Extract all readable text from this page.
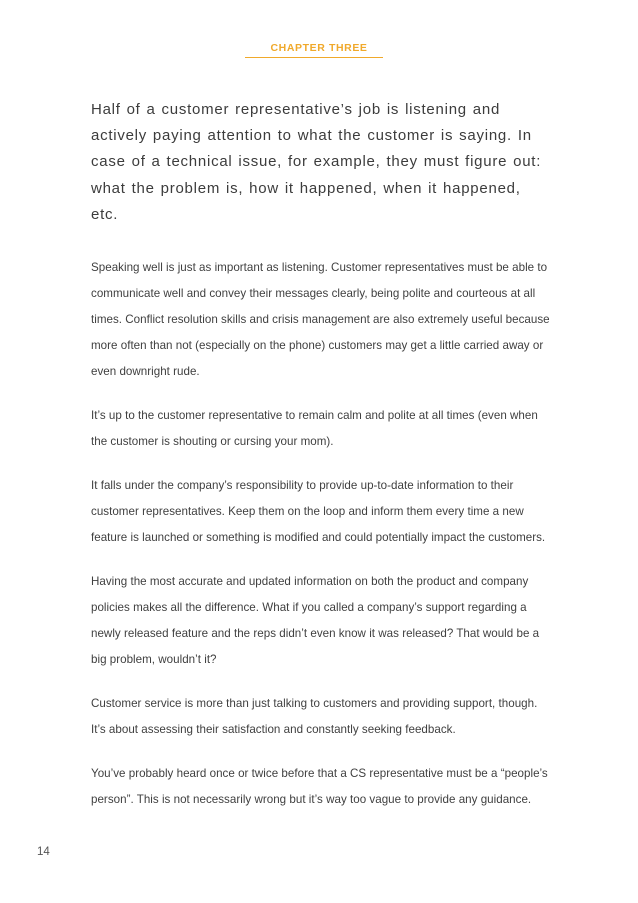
CHAPTER THREE

Half of a customer representative’s job is listening and actively paying attention to what the customer is saying. In case of a technical issue, for example, they must figure out: what the problem is, how it happened, when it happened, etc.

Speaking well is just as important as listening. Customer representatives must be able to communicate well and convey their messages clearly, being polite and courteous at all times. Conflict resolution skills and crisis management are also extremely useful because more often than not (especially on the phone) customers may get a little carried away or even downright rude.

It’s up to the customer representative to remain calm and polite at all times (even when the customer is shouting or cursing your mom).

It falls under the company’s responsibility to provide up-to-date information to their customer representatives. Keep them on the loop and inform them every time a new feature is launched or something is modified and could potentially impact the customers.

Having the most accurate and updated information on both the product and company policies makes all the difference. What if you called a company’s support regarding a newly released feature and the reps didn’t even know it was released? That would be a big problem, wouldn’t it?

Customer service is more than just talking to customers and providing support, though. It’s about assessing their satisfaction and constantly seeking feedback.

You’ve probably heard once or twice before that a CS representative must be a “people’s person”. This is not necessarily wrong but it’s way too vague to provide any guidance.

14
